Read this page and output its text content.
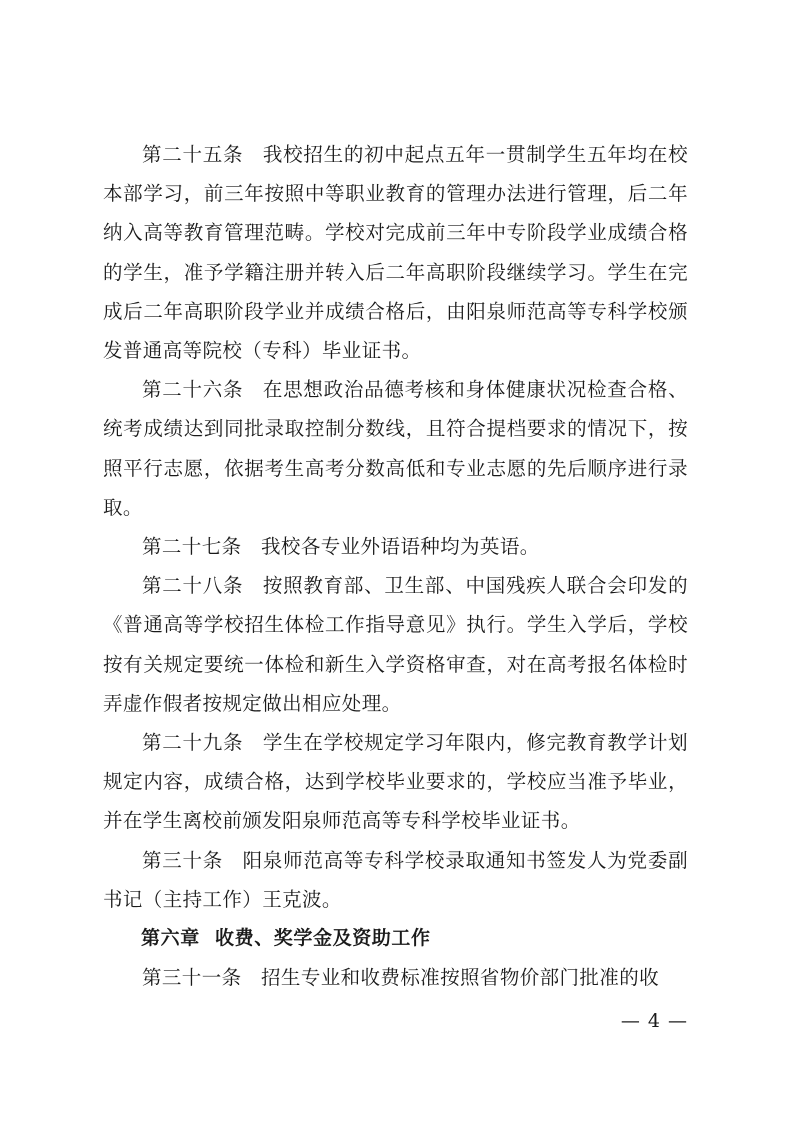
第二十五条 我校招生的初中起点五年一贯制学生五年均在校本部学习，前三年按照中等职业教育的管理办法进行管理，后二年纳入高等教育管理范畴。学校对完成前三年中专阶段学业成绩合格的学生，准予学籍注册并转入后二年高职阶段继续学习。学生在完成后二年高职阶段学业并成绩合格后，由阳泉师范高等专科学校颁发普通高等院校（专科）毕业证书。

第二十六条 在思想政治品德考核和身体健康状况检查合格、统考成绩达到同批录取控制分数线，且符合提档要求的情况下，按照平行志愿，依据考生高考分数高低和专业志愿的先后顺序进行录取。

第二十七条 我校各专业外语语种均为英语。

第二十八条 按照教育部、卫生部、中国残疾人联合会印发的《普通高等学校招生体检工作指导意见》执行。学生入学后，学校按有关规定要统一体检和新生入学资格审查，对在高考报名体检时弄虚作假者按规定做出相应处理。

第二十九条 学生在学校规定学习年限内，修完教育教学计划规定内容，成绩合格，达到学校毕业要求的，学校应当准予毕业，并在学生离校前颁发阳泉师范高等专科学校毕业证书。

第三十条 阳泉师范高等专科学校录取通知书签发人为党委副书记（主持工作）王克波。

第六章 收费、奖学金及资助工作

第三十一条 招生专业和收费标准按照省物价部门批准的收

— 4 —
